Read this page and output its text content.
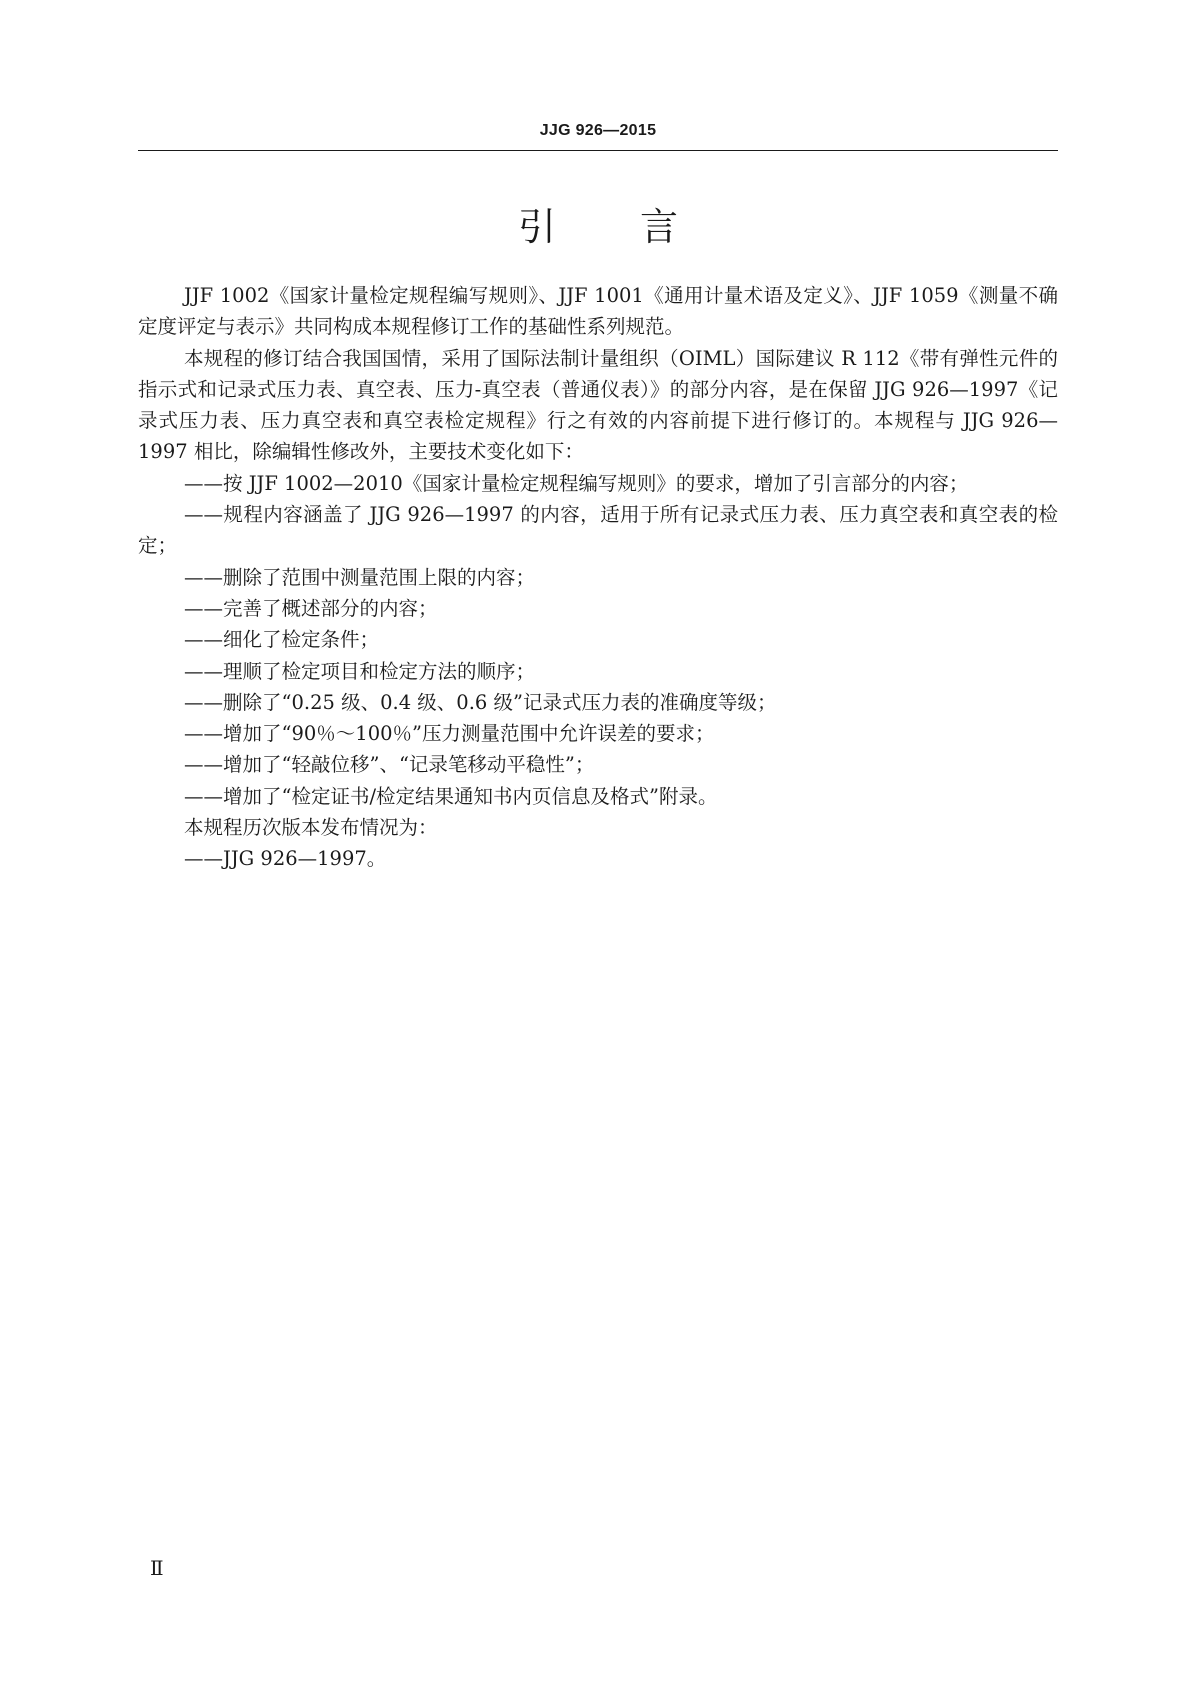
JJG 926—2015
引言

JJF 1002《国家计量检定规程编写规则》、JJF 1001《通用计量术语及定义》、JJF 1059《测量不确定度评定与表示》共同构成本规程修订工作的基础性系列规范。

本规程的修订结合我国国情，采用了国际法制计量组织（OIML）国际建议 R 112《带有弹性元件的指示式和记录式压力表、真空表、压力-真空表（普通仪表）》的部分内容，是在保留 JJG 926—1997《记录式压力表、压力真空表和真空表检定规程》行之有效的内容前提下进行修订的。本规程与 JJG 926—1997 相比，除编辑性修改外，主要技术变化如下：

——按 JJF 1002—2010《国家计量检定规程编写规则》的要求，增加了引言部分的内容；

——规程内容涵盖了 JJG 926—1997 的内容，适用于所有记录式压力表、压力真空表和真空表的检定；

——删除了范围中测量范围上限的内容；

——完善了概述部分的内容；

——细化了检定条件；

——理顺了检定项目和检定方法的顺序；

——删除了“0.25 级、0.4 级、0.6 级”记录式压力表的准确度等级；

——增加了“90％～100％”压力测量范围中允许误差的要求；

——增加了“轻敲位移”、“记录笔移动平稳性”；

——增加了“检定证书/检定结果通知书内页信息及格式”附录。

本规程历次版本发布情况为：

——JJG 926—1997。

Ⅱ
